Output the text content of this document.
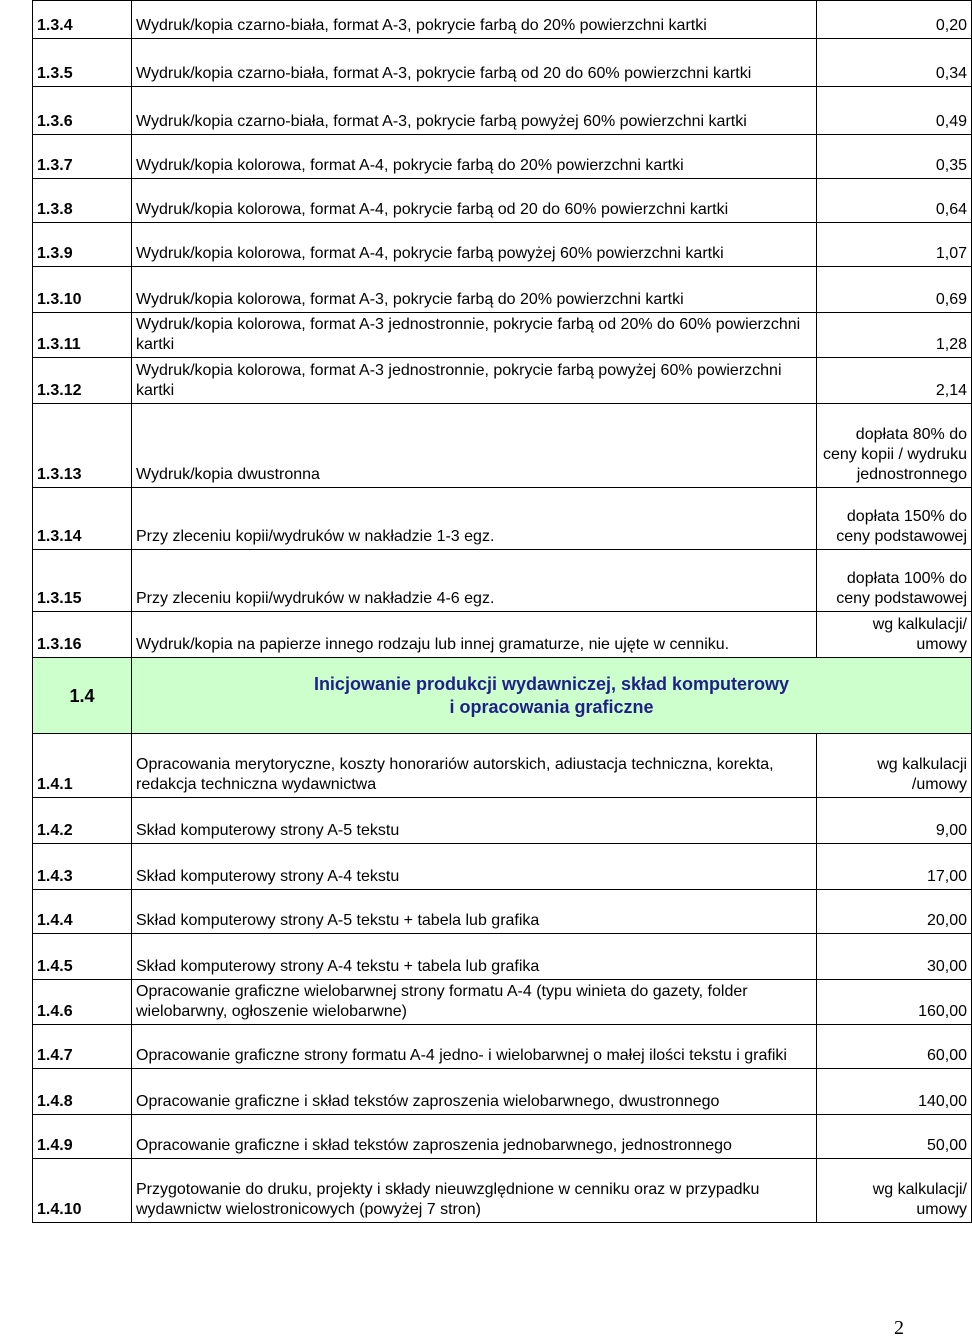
1.3.4	Wydruk/kopia czarno-biała, format A-3, pokrycie farbą do 20% powierzchni kartki	0,20
1.3.5	Wydruk/kopia czarno-biała, format A-3, pokrycie farbą od 20 do 60% powierzchni kartki	0,34
1.3.6	Wydruk/kopia czarno-biała, format A-3, pokrycie farbą powyżej 60% powierzchni kartki	0,49
1.3.7	Wydruk/kopia kolorowa, format A-4, pokrycie farbą do 20% powierzchni kartki	0,35
1.3.8	Wydruk/kopia kolorowa, format A-4, pokrycie farbą od 20 do 60% powierzchni kartki	0,64
1.3.9	Wydruk/kopia kolorowa, format A-4, pokrycie farbą powyżej 60% powierzchni kartki	1,07
1.3.10	Wydruk/kopia kolorowa, format A-3, pokrycie farbą do 20% powierzchni kartki	0,69
1.3.11	Wydruk/kopia kolorowa, format A-3 jednostronnie, pokrycie farbą od 20% do 60% powierzchni kartki	1,28
1.3.12	Wydruk/kopia kolorowa, format A-3 jednostronnie, pokrycie farbą powyżej 60% powierzchni kartki	2,14
1.3.13	Wydruk/kopia dwustronna	dopłata 80% do ceny kopii / wydruku jednostronnego
1.3.14	Przy zleceniu kopii/wydruków w nakładzie 1-3 egz.	dopłata 150% do ceny podstawowej
1.3.15	Przy zleceniu kopii/wydruków w nakładzie 4-6 egz.	dopłata 100% do ceny podstawowej
1.3.16	Wydruk/kopia na papierze innego rodzaju lub innej gramaturze, nie ujęte w cenniku.	wg kalkulacji/ umowy
1.4	Inicjowanie produkcji wydawniczej, skład komputerowy
i opracowania graficzne	

1.4.1	Opracowania merytoryczne, koszty honorariów autorskich, adiustacja techniczna, korekta, redakcja techniczna wydawnictwa	wg kalkulacji /umowy
1.4.2	Skład komputerowy strony A-5 tekstu	9,00
1.4.3	Skład komputerowy strony A-4 tekstu	17,00
1.4.4	Skład komputerowy strony A-5 tekstu + tabela lub grafika	20,00
1.4.5	Skład komputerowy strony A-4 tekstu + tabela lub grafika	30,00
1.4.6	Opracowanie graficzne wielobarwnej strony formatu A-4 (typu winieta do gazety, folder wielobarwny, ogłoszenie wielobarwne)	160,00
1.4.7	Opracowanie graficzne strony formatu A-4 jedno- i wielobarwnej o małej ilości tekstu i grafiki	60,00
1.4.8	Opracowanie graficzne i skład tekstów zaproszenia wielobarwnego, dwustronnego	140,00
1.4.9	Opracowanie graficzne i skład tekstów zaproszenia jednobarwnego, jednostronnego	50,00
1.4.10	Przygotowanie do druku, projekty i składy nieuwzględnione w cenniku oraz w przypadku wydawnictw wielostronicowych (powyżej 7 stron)	wg kalkulacji/ umowy
2
